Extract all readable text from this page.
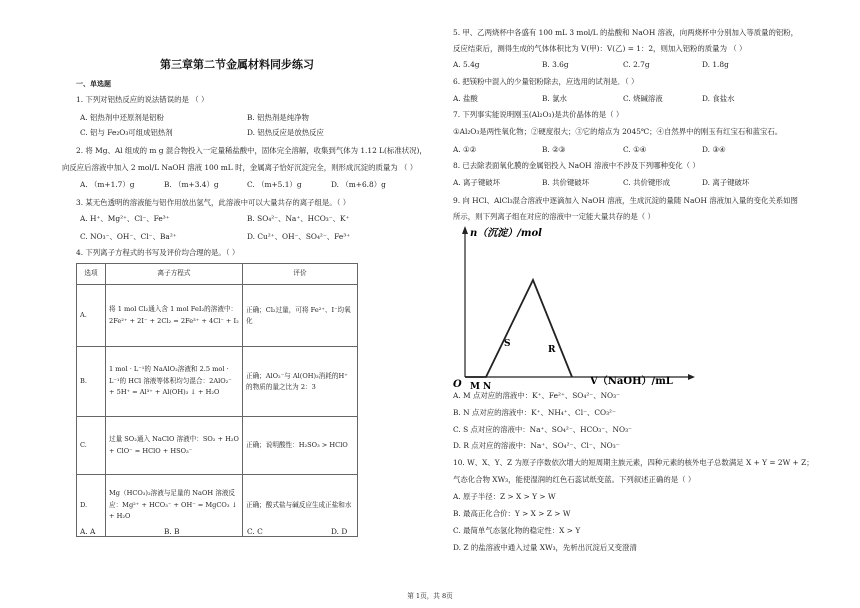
第三章第二节金属材料同步练习
一、单选题
1. 下列对铝热反应的说法错误的是 （ ）
A. 铝热剂中还原剂是铝粉	B. 铝热剂是纯净物
C. 铝与 Fe₂O₃可组成铝热剂	D. 铝热反应是放热反应
2. 将 Mg、Al 组成的 m g 混合物投入一定量稀盐酸中，固体完全溶解，收集到气体为 1.12 L(标准状况)，
向反应后溶液中加入 2 mol/L NaOH 溶液 100 mL 时，金属离子恰好沉淀完全，则形成沉淀的质量为 （ ）
A. （m+1.7）g	B. （m+3.4）g	C. （m+5.1）g	D. （m+6.8）g
3. 某无色透明的溶液能与铝作用放出氢气，此溶液中可以大量共存的离子组是。（ ）
A. H⁺、Mg²⁺、Cl⁻、Fe³⁺	B. SO₄²⁻、Na⁺、HCO₃⁻、K⁺
C. NO₃⁻、OH⁻、Cl⁻、Ba²⁺	D. Cu²⁺、OH⁻、SO₄²⁻、Fe³⁺
4. 下列离子方程式的书写及评价均合理的是。（ ）
选项	离子方程式	评价
A.	将 1 mol Cl₂通入含 1 mol FeI₂的溶液中：2Fe²⁺ + 2I⁻ + 2Cl₂ = 2Fe³⁺ + 4Cl⁻ + I₂	正确；Cl₂过量，可将 Fe²⁺、I⁻均氧化
B.	1 mol · L⁻¹的 NaAlO₂溶液和 2.5 mol · L⁻¹的 HCl 溶液等体积均匀混合：2AlO₂⁻ + 5H⁺ = Al³⁺ + Al(OH)₃ ↓ + H₂O	正确；AlO₂⁻与 Al(OH)₃消耗的H⁺的物质的量之比为 2：3
C.	过量 SO₂通入 NaClO 溶液中：SO₂ + H₂O + ClO⁻ = HClO + HSO₃⁻	正确；说明酸性：H₂SO₃ > HClO
D.	Mg（HCO₃)₂溶液与足量的 NaOH 溶液反应：Mg²⁺ + HCO₃⁻ + OH⁻ = MgCO₃ ↓ + H₂O	正确；酸式盐与碱反应生成正盐和水
A. A	B. B	C. C	D. D
5. 甲、乙两烧杯中各盛有 100 mL 3 mol/L 的盐酸和 NaOH 溶液，向两烧杯中分别加入等质量的铝粉，
反应结束后，测得生成的气体体积比为 V(甲)：V(乙) = 1：2，则加入铝粉的质量为 （ ）
A. 5.4g	B. 3.6g	C. 2.7g	D. 1.8g
6. 把镁粉中混入的少量铝粉除去，应选用的试剂是．（ ）
A. 盐酸	B. 氯水	C. 烧碱溶液	D. 食盐水
7. 下列事实能说明刚玉(Al₂O₃)是共价晶体的是（ ）
①Al₂O₃是两性氧化物；②硬度很大；③它的熔点为 2045℃；④自然界中的刚玉有红宝石和蓝宝石。
A. ①②	B. ②③	C. ①④	D. ③④
8. 已去除表面氧化膜的金属铝投入 NaOH 溶液中不涉及下列哪种变化（ ）
A. 离子键破坏	B. 共价键破坏	C. 共价键形成	D. 离子键破坏
9. 向 HCl、AlCl₃混合溶液中逐滴加入 NaOH 溶液，生成沉淀的量随 NaOH 溶液加入量的变化关系如图
所示，则下列离子组在对应的溶液中一定能大量共存的是（ ）
A. M 点对应的溶液中：K⁺、Fe²⁺、SO₄²⁻、NO₃⁻
B. N 点对应的溶液中：K⁺、NH₄⁺、Cl⁻、CO₃²⁻
C. S 点对应的溶液中：Na⁺、SO₄²⁻、HCO₃⁻、NO₃⁻
D. R 点对应的溶液中：Na⁺、SO₄²⁻、Cl⁻、NO₃⁻
10. W、X、Y、Z 为原子序数依次增大的短周期主族元素，四种元素的核外电子总数满足 X + Y = 2W + Z；
气态化合物 XW₃，能使湿润的红色石蕊试纸变蓝。下列叙述正确的是（ ）
A. 原子半径：Z > X > Y > W
B. 最高正化合价：Y > X > Z > W
C. 最简单气态氢化物的稳定性：X > Y
D. Z 的盐溶液中通入过量 XW₃，先析出沉淀后又变澄清
n（沉淀）/mol
V（NaOH）/mL
O M N
S
R
第 1页，共 8页
